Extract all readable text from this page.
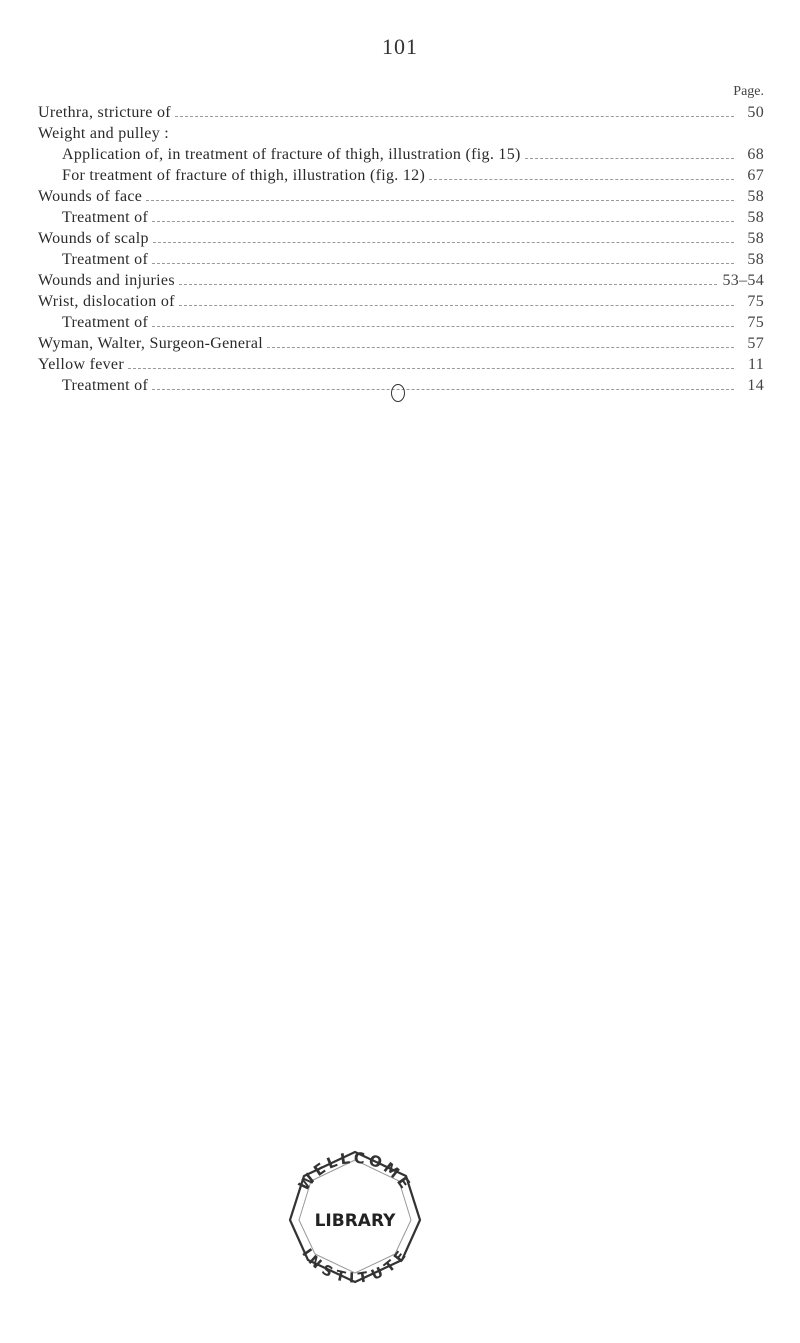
101
Page.
Urethra, stricture of	50
Weight and pulley :
Application of, in treatment of fracture of thigh, illustration (fig. 15)	68
For treatment of fracture of thigh, illustration (fig. 12)	67
Wounds of face	58
Treatment of	58
Wounds of scalp	58
Treatment of	58
Wounds and injuries	53–54
Wrist, dislocation of	75
Treatment of	75
Wyman, Walter, Surgeon-General	57
Yellow fever	11
Treatment of	14
WELLCOME
LIBRARY
INSTITUTE
